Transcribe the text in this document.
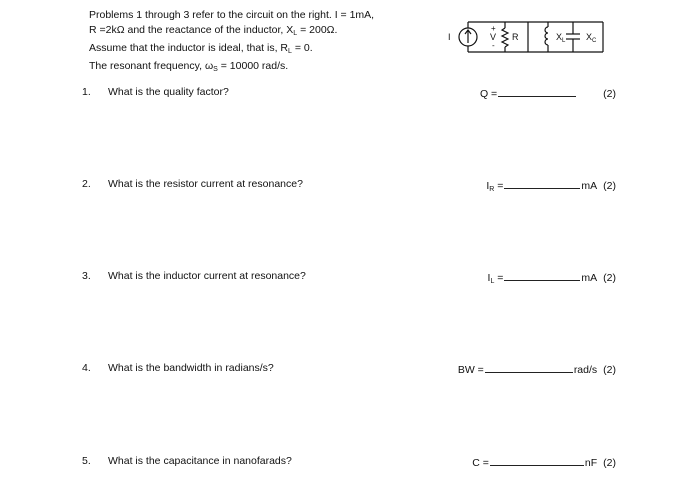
Problems 1 through 3 refer to the circuit on the right. I = 1mA,
R =2kΩ and the reactance of the inductor, $X_L = 200\Omega$.
Assume that the inductor is ideal, that is, $R_L = 0$.
The resonant frequency, $\omega_S = 10000$ rad/s.
I
+
V
-
R	$X_L$ $X_C$
1. What is the quality factor?	Q =	(2)
2. What is the resistor current at resonance?	$I_R$ =	mA (2)
3. What is the inductor current at resonance?	$I_L$ =	mA (2)
4. What is the bandwidth in radians/s?	BW =	rad/s (2)
5. What is the capacitance in nanofarads?	C =	nF (2)
